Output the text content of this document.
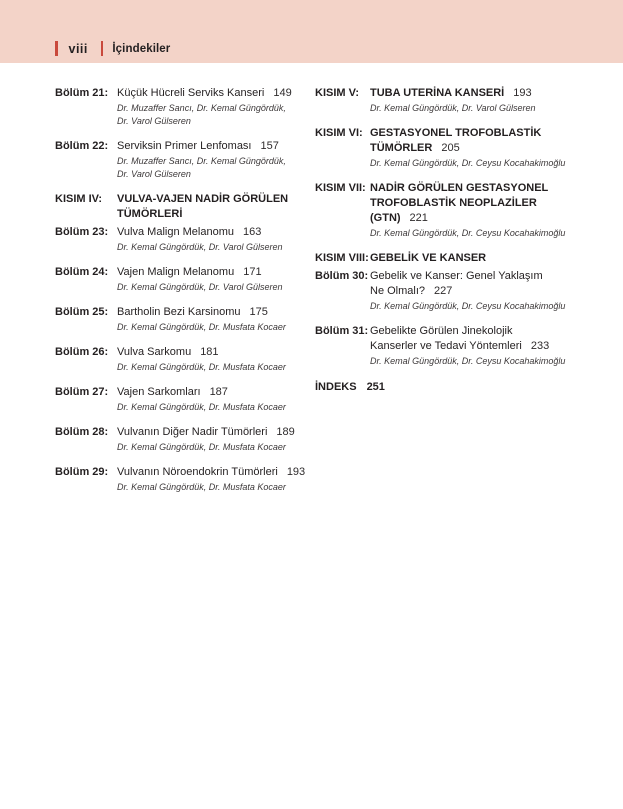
viii İçindekiler
Bölüm 21: Küçük Hücreli Serviks Kanseri 149
Dr. Muzaffer Sancı, Dr. Kemal Güngördük,
Dr. Varol Gülseren
Bölüm 22: Serviksin Primer Lenfoması 157
Dr. Muzaffer Sancı, Dr. Kemal Güngördük,
Dr. Varol Gülseren
KISIM IV:	VULVA-VAJEN NADİR GÖRÜLEN
TÜMÖRLERİ
Bölüm 23: Vulva Malign Melanomu 163
Dr. Kemal Güngördük, Dr. Varol Gülseren
Bölüm 24: Vajen Malign Melanomu 171
Dr. Kemal Güngördük, Dr. Varol Gülseren
Bölüm 25: Bartholin Bezi Karsinomu 175
Dr. Kemal Güngördük, Dr. Musfata Kocaer
Bölüm 26: Vulva Sarkomu 181
Dr. Kemal Güngördük, Dr. Musfata Kocaer
Bölüm 27: Vajen Sarkomları 187
Dr. Kemal Güngördük, Dr. Musfata Kocaer
Bölüm 28: Vulvanın Diğer Nadir Tümörleri 189
Dr. Kemal Güngördük, Dr. Musfata Kocaer
Bölüm 29: Vulvanın Nöroendokrin Tümörleri 193
Dr. Kemal Güngördük, Dr. Musfata Kocaer
KISIM V: TUBA UTERİNA KANSERİ 193
Dr. Kemal Güngördük, Dr. Varol Gülseren
KISIM VI: GESTASYONEL TROFOBLASTİK
TÜMÖRLER 205
Dr. Kemal Güngördük, Dr. Ceysu Kocahakimoğlu
KISIM VII: NADİR GÖRÜLEN GESTASYONEL
TROFOBLASTİK NEOPLAZİLER
(GTN) 221
Dr. Kemal Güngördük, Dr. Ceysu Kocahakimoğlu
KISIM VIII: GEBELİK VE KANSER
Bölüm 30: Gebelik ve Kanser: Genel Yaklaşım
Ne Olmalı? 227
Dr. Kemal Güngördük, Dr. Ceysu Kocahakimoğlu
Bölüm 31: Gebelikte Görülen Jinekolojik
Kanserler ve Tedavi Yöntemleri 233
Dr. Kemal Güngördük, Dr. Ceysu Kocahakimoğlu
İNDEKS 251
